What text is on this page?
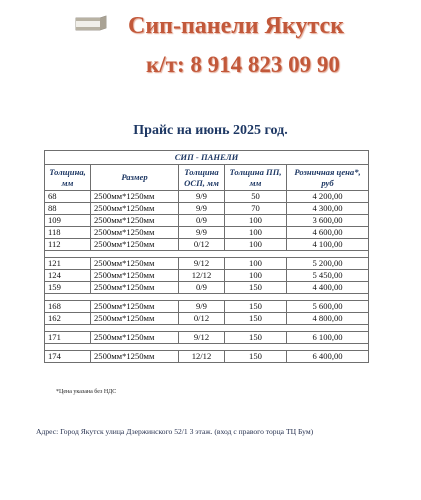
Сип-панели Якутск
к/т: 8 914 823 09 90
Прайс на июнь 2025 год.
СИП - ПАНЕЛИ				
Толщина, мм	Размер	Толщина ОСП, мм	Толщина ПП, мм	Розничная цена*, руб
68	2500мм*1250мм	9/9	50	4 200,00
88	2500мм*1250мм	9/9	70	4 300,00
109	2500мм*1250мм	0/9	100	3 600,00
118	2500мм*1250мм	9/9	100	4 600,00
112	2500мм*1250мм	0/12	100	4 100,00

121	2500мм*1250мм	9/12	100	5 200,00
124	2500мм*1250мм	12/12	100	5 450,00
159	2500мм*1250мм	0/9	150	4 400,00

168	2500мм*1250мм	9/9	150	5 600,00
162	2500мм*1250мм	0/12	150	4 800,00

171	2500мм*1250мм	9/12	150	6 100,00

174	2500мм*1250мм	12/12	150	6 400,00
*Цена указана без НДС
Адрес: Город Якутск улица Дзержинского 52/1 3 этаж. (вход с правого торца ТЦ Бум)
